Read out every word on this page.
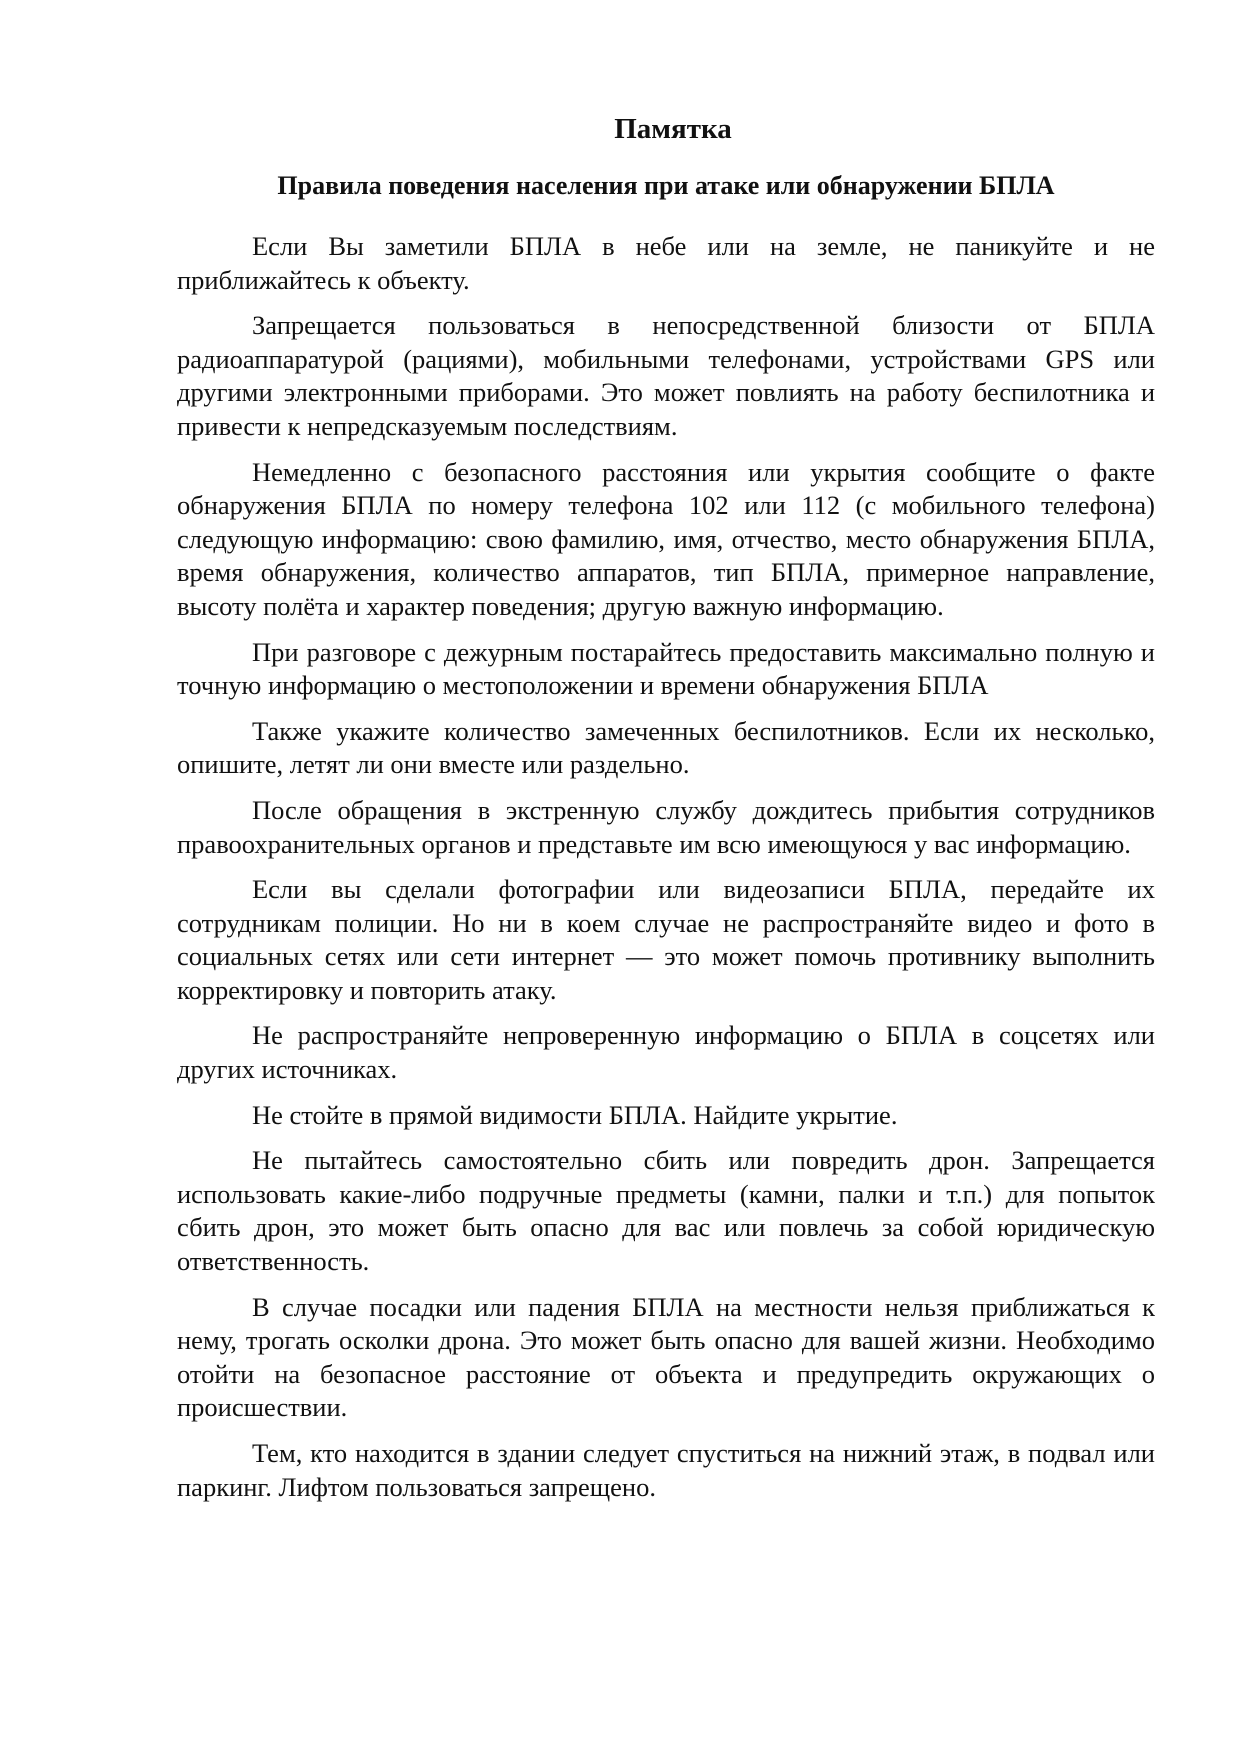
Памятка
Правила поведения населения при атаке или обнаружении БПЛА

Если Вы заметили БПЛА в небе или на земле, не паникуйте и не приближайтесь к объекту.

Запрещается пользоваться в непосредственной близости от БПЛА радиоаппаратурой (рациями), мобильными телефонами, устройствами GPS или другими электронными приборами. Это может повлиять на работу беспилотника и привести к непредсказуемым последствиям.

Немедленно с безопасного расстояния или укрытия сообщите о факте обнаружения БПЛА по номеру телефона 102 или 112 (с мобильного телефона) следующую информацию: свою фамилию, имя, отчество, место обнаружения БПЛА, время обнаружения, количество аппаратов, тип БПЛА, примерное направление, высоту полёта и характер поведения; другую важную информацию.

При разговоре с дежурным постарайтесь предоставить максимально полную и точную информацию о местоположении и времени обнаружения БПЛА

Также укажите количество замеченных беспилотников. Если их несколько, опишите, летят ли они вместе или раздельно.

После обращения в экстренную службу дождитесь прибытия сотрудников правоохранительных органов и представьте им всю имеющуюся у вас информацию.

Если вы сделали фотографии или видеозаписи БПЛА, передайте их сотрудникам полиции. Но ни в коем случае не распространяйте видео и фото в социальных сетях или сети интернет — это может помочь противнику выполнить корректировку и повторить атаку.

Не распространяйте непроверенную информацию о БПЛА в соцсетях или других источниках.

Не стойте в прямой видимости БПЛА. Найдите укрытие.

Не пытайтесь самостоятельно сбить или повредить дрон. Запрещается использовать какие-либо подручные предметы (камни, палки и т.п.) для попыток сбить дрон, это может быть опасно для вас или повлечь за собой юридическую ответственность.

В случае посадки или падения БПЛА на местности нельзя приближаться к нему, трогать осколки дрона. Это может быть опасно для вашей жизни. Необходимо отойти на безопасное расстояние от объекта и предупредить окружающих о происшествии.

Тем, кто находится в здании следует спуститься на нижний этаж, в подвал или паркинг. Лифтом пользоваться запрещено.
